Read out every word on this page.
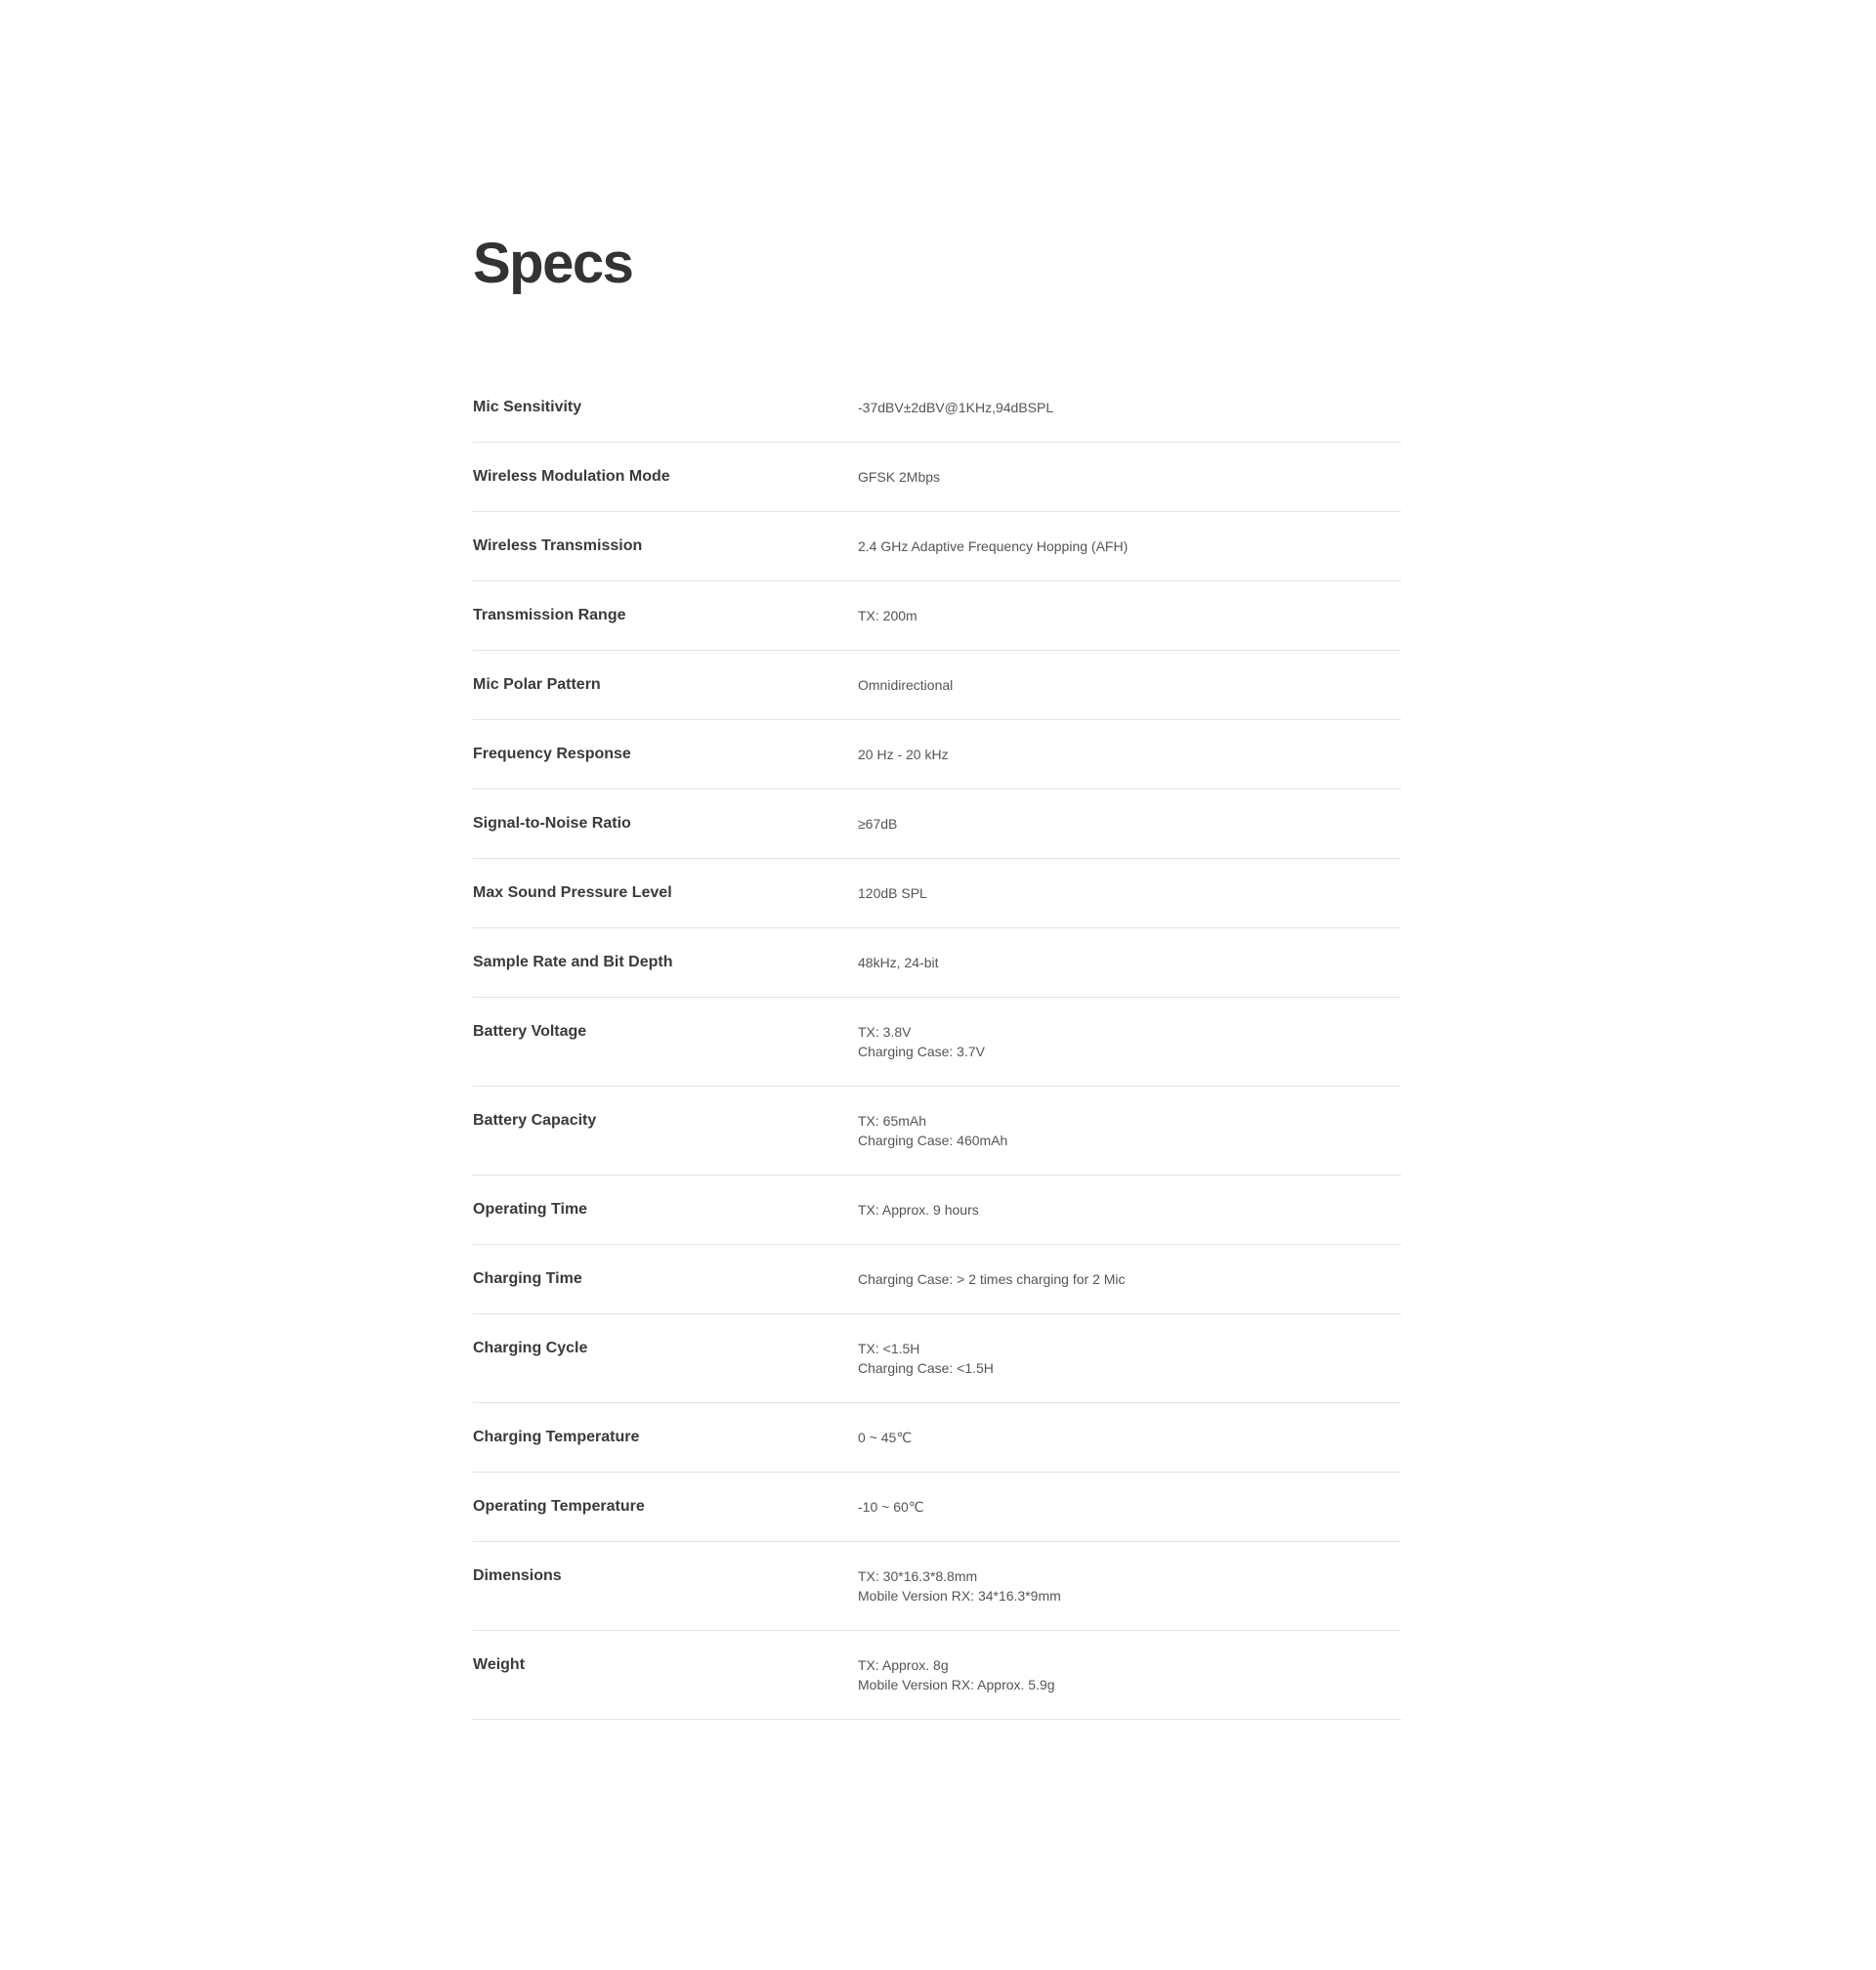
Specs
Mic Sensitivity	-37dBV±2dBV@1KHz,94dBSPL
Wireless Modulation Mode	GFSK 2Mbps
Wireless Transmission	2.4 GHz Adaptive Frequency Hopping (AFH)
Transmission Range	TX: 200m
Mic Polar Pattern	Omnidirectional
Frequency Response	20 Hz - 20 kHz
Signal-to-Noise Ratio	≥67dB
Max Sound Pressure Level	120dB SPL
Sample Rate and Bit Depth	48kHz, 24-bit
Battery Voltage	TX: 3.8V
Charging Case: 3.7V
Battery Capacity	TX: 65mAh
Charging Case: 460mAh
Operating Time	TX: Approx. 9 hours
Charging Time	Charging Case: > 2 times charging for 2 Mic
Charging Cycle	TX: <1.5H
Charging Case: <1.5H
Charging Temperature	0 ~ 45℃
Operating Temperature	-10 ~ 60℃
Dimensions	TX: 30*16.3*8.8mm
Mobile Version RX: 34*16.3*9mm
Weight	TX: Approx. 8g
Mobile Version RX: Approx. 5.9g
